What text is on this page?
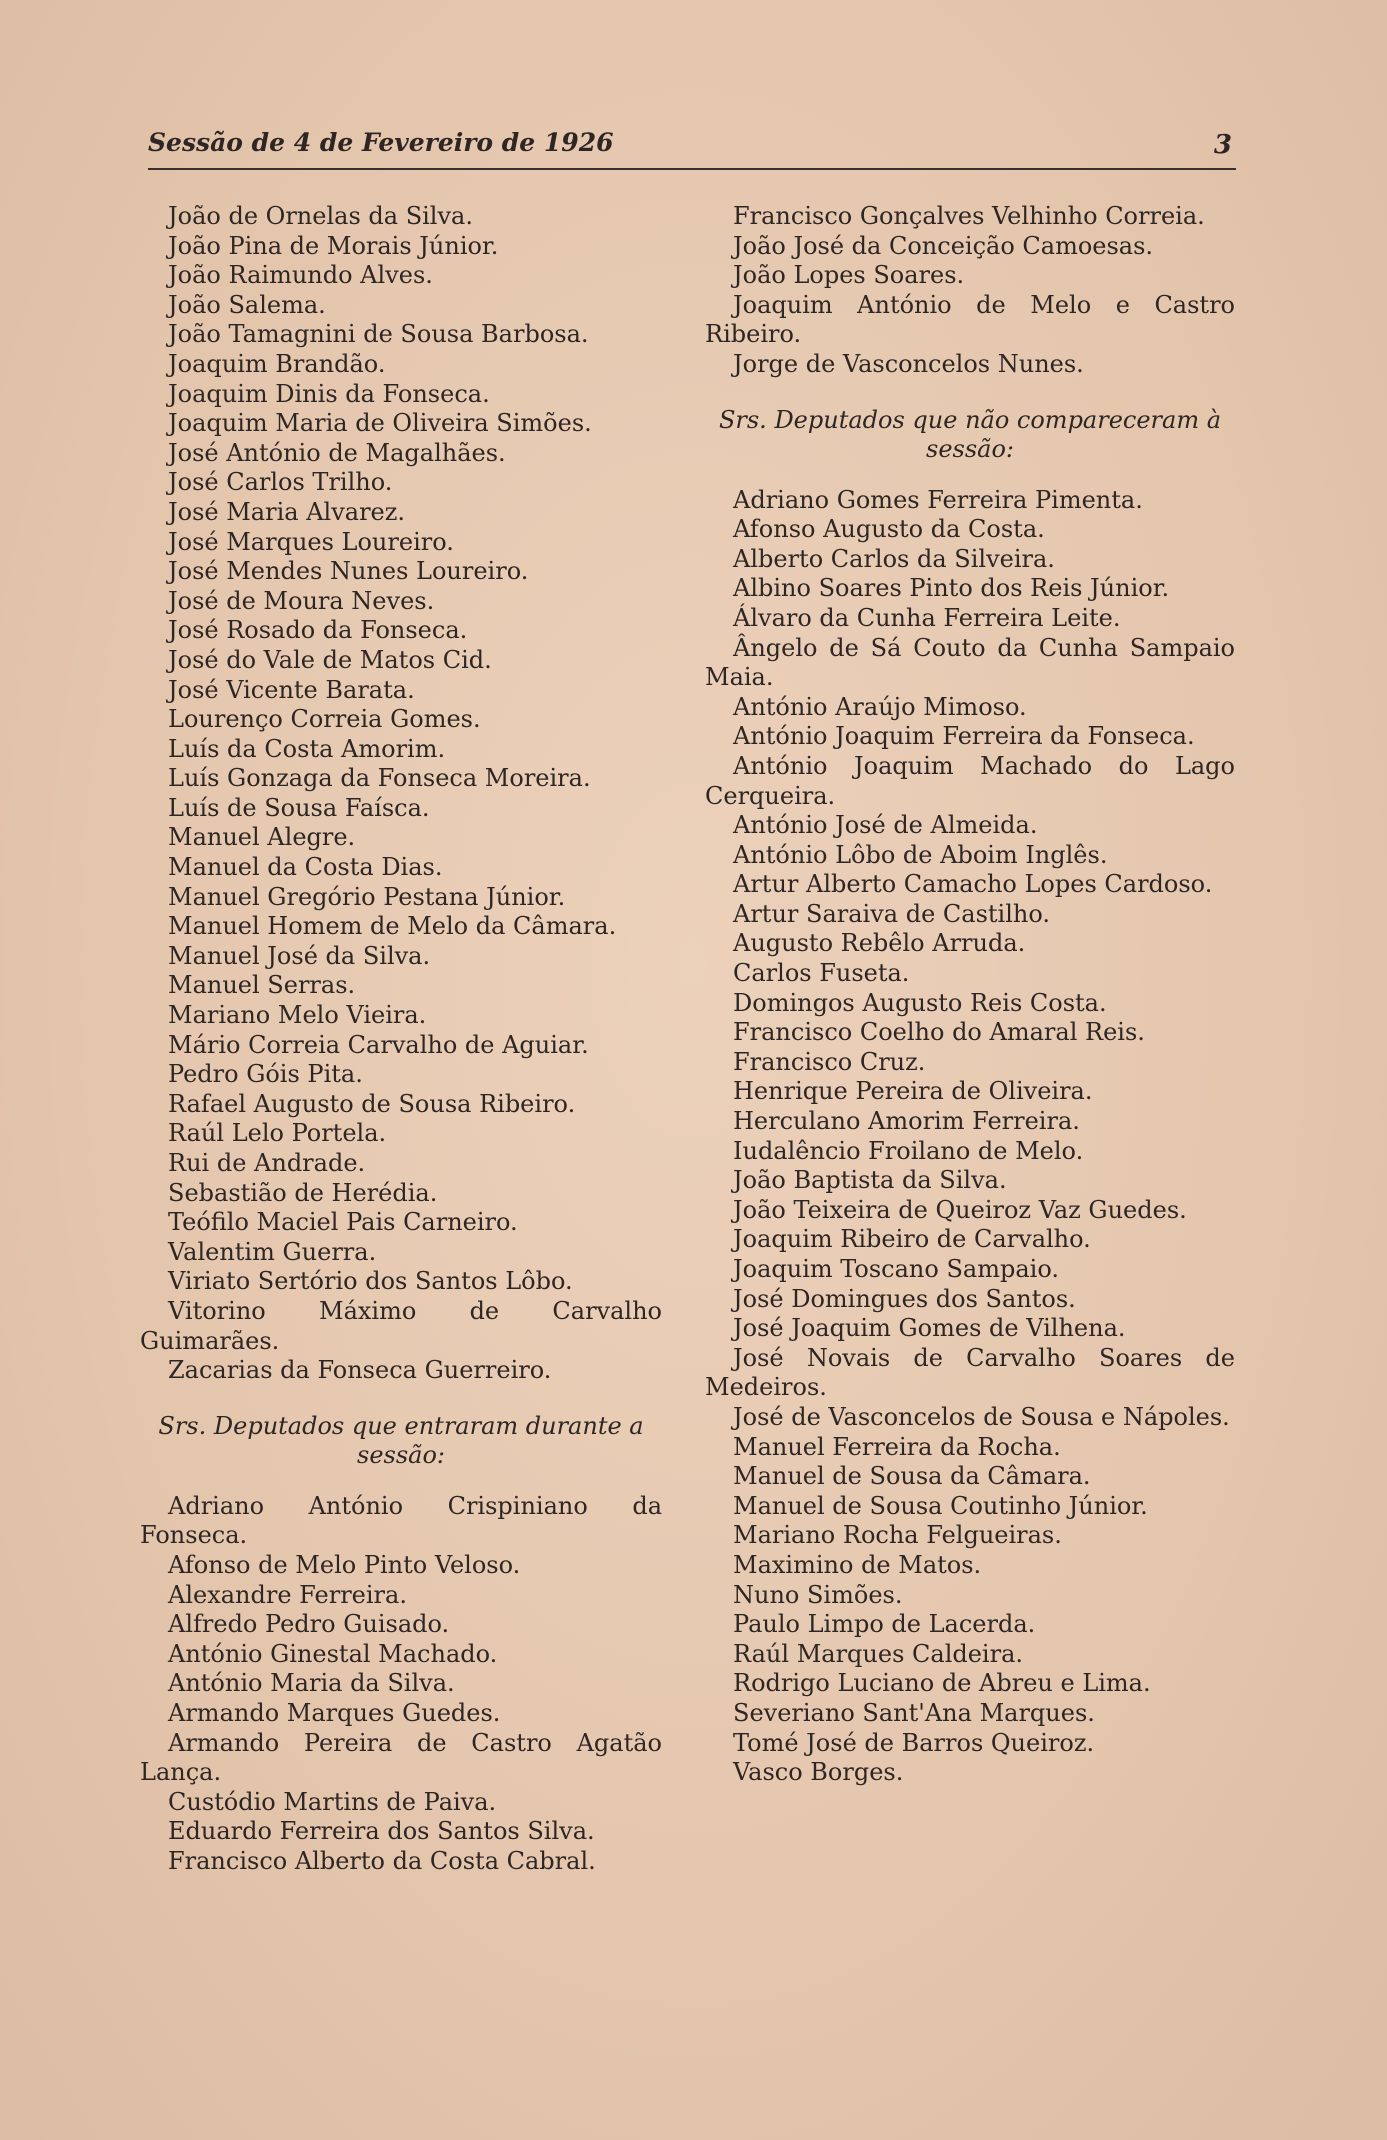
Sessão de 4 de Fevereiro de 1926	3
João de Ornelas da Silva.
João Pina de Morais Júnior.
João Raimundo Alves.
João Salema.
João Tamagnini de Sousa Barbosa.
Joaquim Brandão.
Joaquim Dinis da Fonseca.
Joaquim Maria de Oliveira Simões.
José António de Magalhães.
José Carlos Trilho.
José Maria Alvarez.
José Marques Loureiro.
José Mendes Nunes Loureiro.
José de Moura Neves.
José Rosado da Fonseca.
José do Vale de Matos Cid.
José Vicente Barata.
Lourenço Correia Gomes.
Luís da Costa Amorim.
Luís Gonzaga da Fonseca Moreira.
Luís de Sousa Faísca.
Manuel Alegre.
Manuel da Costa Dias.
Manuel Gregório Pestana Júnior.
Manuel Homem de Melo da Câmara.
Manuel José da Silva.
Manuel Serras.
Mariano Melo Vieira.
Mário Correia Carvalho de Aguiar.
Pedro Góis Pita.
Rafael Augusto de Sousa Ribeiro.
Raúl Lelo Portela.
Rui de Andrade.
Sebastião de Herédia.
Teófilo Maciel Pais Carneiro.
Valentim Guerra.
Viriato Sertório dos Santos Lôbo.
Vitorino Máximo de Carvalho Guimarães.
Zacarias da Fonseca Guerreiro.
Srs. Deputados que entraram durante a sessão:
Adriano António Crispiniano da Fonseca.
Afonso de Melo Pinto Veloso.
Alexandre Ferreira.
Alfredo Pedro Guisado.
António Ginestal Machado.
António Maria da Silva.
Armando Marques Guedes.
Armando Pereira de Castro Agatão Lança.
Custódio Martins de Paiva.
Eduardo Ferreira dos Santos Silva.
Francisco Alberto da Costa Cabral.
Francisco Gonçalves Velhinho Correia.
João José da Conceição Camoesas.
João Lopes Soares.
Joaquim António de Melo e Castro Ribeiro.
Jorge de Vasconcelos Nunes.
Srs. Deputados que não compareceram à sessão:
Adriano Gomes Ferreira Pimenta.
Afonso Augusto da Costa.
Alberto Carlos da Silveira.
Albino Soares Pinto dos Reis Júnior.
Álvaro da Cunha Ferreira Leite.
Ângelo de Sá Couto da Cunha Sampaio Maia.
António Araújo Mimoso.
António Joaquim Ferreira da Fonseca.
António Joaquim Machado do Lago Cerqueira.
António José de Almeida.
António Lôbo de Aboim Inglês.
Artur Alberto Camacho Lopes Cardoso.
Artur Saraiva de Castilho.
Augusto Rebêlo Arruda.
Carlos Fuseta.
Domingos Augusto Reis Costa.
Francisco Coelho do Amaral Reis.
Francisco Cruz.
Henrique Pereira de Oliveira.
Herculano Amorim Ferreira.
Iudalêncio Froilano de Melo.
João Baptista da Silva.
João Teixeira de Queiroz Vaz Guedes.
Joaquim Ribeiro de Carvalho.
Joaquim Toscano Sampaio.
José Domingues dos Santos.
José Joaquim Gomes de Vilhena.
José Novais de Carvalho Soares de Medeiros.
José de Vasconcelos de Sousa e Nápoles.
Manuel Ferreira da Rocha.
Manuel de Sousa da Câmara.
Manuel de Sousa Coutinho Júnior.
Mariano Rocha Felgueiras.
Maximino de Matos.
Nuno Simões.
Paulo Limpo de Lacerda.
Raúl Marques Caldeira.
Rodrigo Luciano de Abreu e Lima.
Severiano Sant'Ana Marques.
Tomé José de Barros Queiroz.
Vasco Borges.
